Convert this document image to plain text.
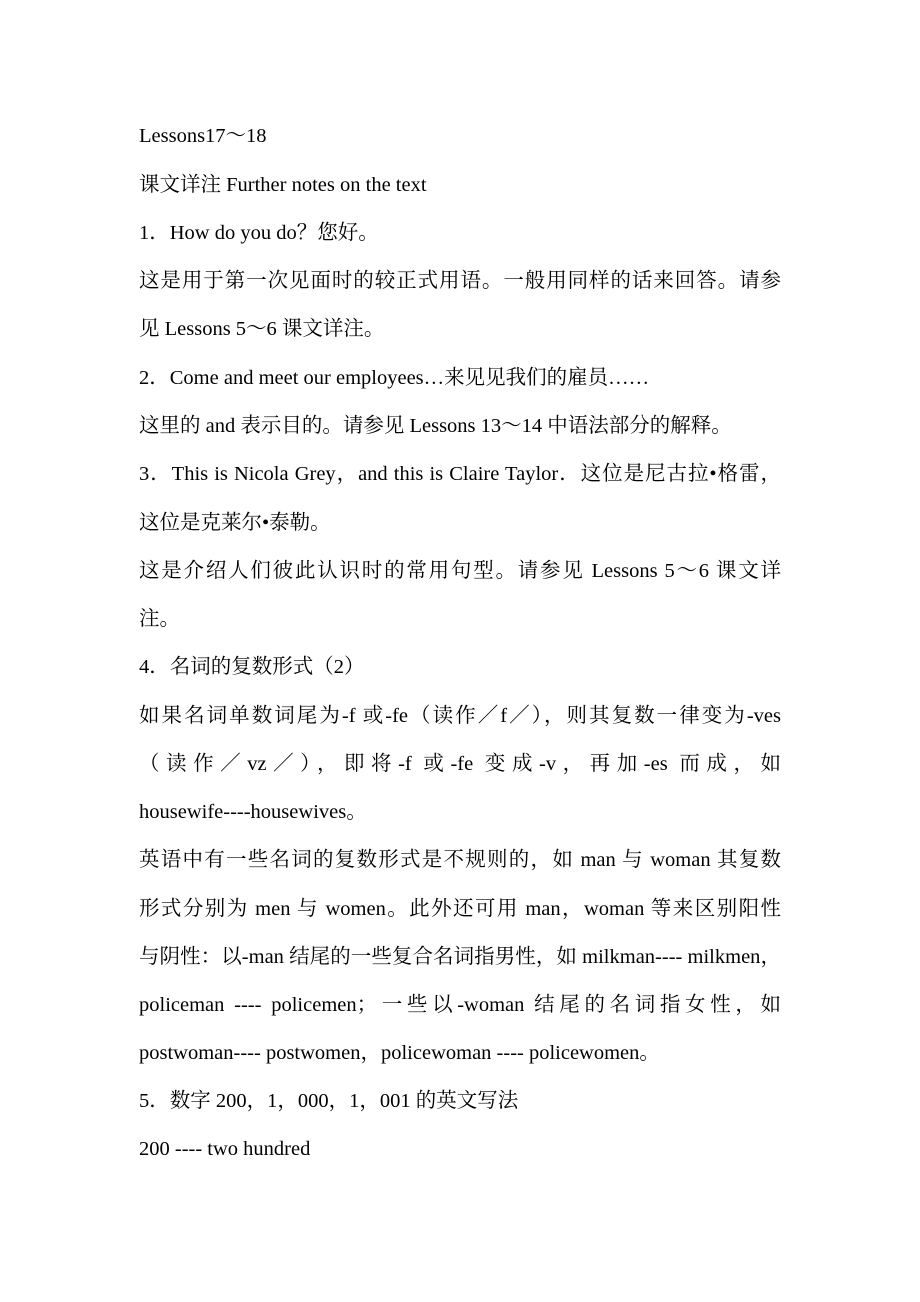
Lessons17～18
课文详注 Further notes on the text
1．How do you do？您好。
这是用于第一次见面时的较正式用语。一般用同样的话来回答。请参
见 Lessons 5～6 课文详注。
2．Come and meet our employees…来见见我们的雇员……
这里的 and 表示目的。请参见 Lessons 13～14 中语法部分的解释。
3．This is Nicola Grey，and this is Claire Taylor．这位是尼古拉•格雷，
这位是克莱尔•泰勒。
这是介绍人们彼此认识时的常用句型。请参见 Lessons 5～6 课文详
注。
4．名词的复数形式（2）
如果名词单数词尾为-f 或-fe（读作／f／），则其复数一律变为-ves
（读作／vz／），即将-f 或-fe 变成-v，再加-es 而成，如
housewife----housewives。
英语中有一些名词的复数形式是不规则的，如 man 与 woman 其复数
形式分别为 men 与 women。此外还可用 man，woman 等来区别阳性
与阴性：以-man 结尾的一些复合名词指男性，如 milkman---- milkmen，
policeman ---- policemen；一些以-woman 结尾的名词指女性，如
postwoman---- postwomen，policewoman ---- policewomen。
5．数字 200，1，000，1，001 的英文写法
200 ---- two hundred
